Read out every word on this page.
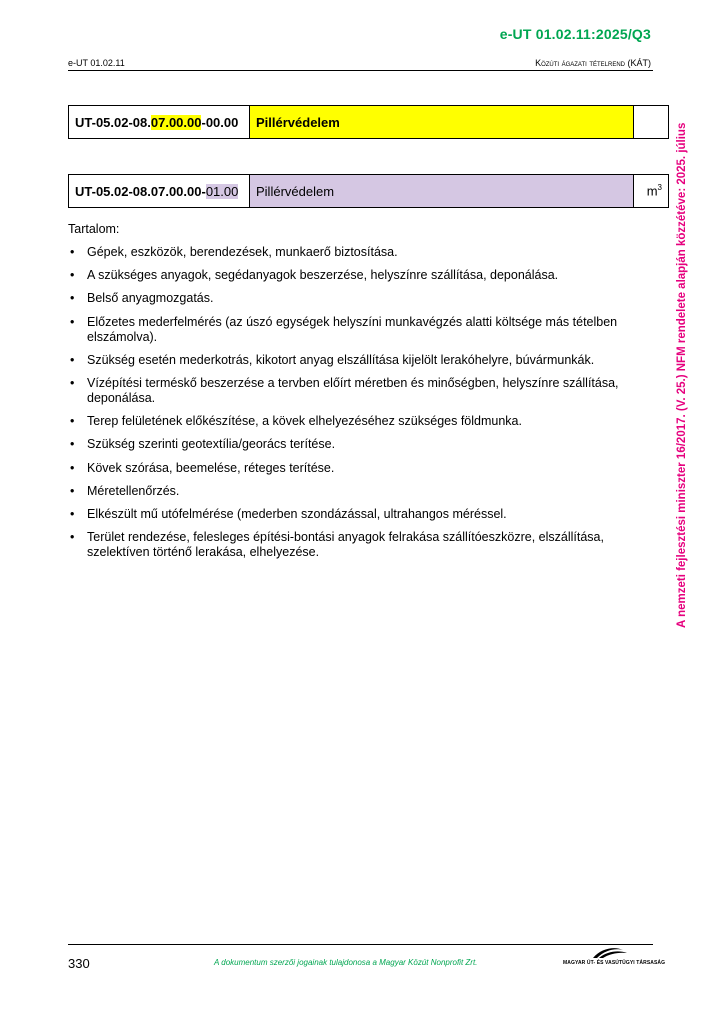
e-UT 01.02.11:2025/Q3
e-UT 01.02.11	Közúti ágazati tételrend (KÁT)
UT-05.02-08.07.00.00-00.00	Pillérvédelem	
UT-05.02-08.07.00.00-01.00	Pillérvédelem	$m^3$
Tartalom:
• Gépek, eszközök, berendezések, munkaerő biztosítása.
• A szükséges anyagok, segédanyagok beszerzése, helyszínre szállítása, deponálása.
• Belső anyagmozgatás.
• Előzetes mederfelmérés (az úszó egységek helyszíni munkavégzés alatti költsége más tételben elszámolva).
• Szükség esetén mederkotrás, kikotort anyag elszállítása kijelölt lerakóhelyre, búvármunkák.
• Vízépítési terméskő beszerzése a tervben előírt méretben és minőségben, helyszínre szállítása, deponálása.
• Terep felületének előkészítése, a kövek elhelyezéséhez szükséges földmunka.
• Szükség szerinti geotextília/georács terítése.
• Kövek szórása, beemelése, réteges terítése.
• Méretellenőrzés.
• Elkészült mű utófelmérése (mederben szondázással, ultrahangos méréssel.
• Terület rendezése, felesleges építési-bontási anyagok felrakása szállítóeszközre, elszállítása, szelektíven történő lerakása, elhelyezése.	A nemzeti fejlesztési miniszter 16/2017. (V. 25.) NFM rendelete alapján közzétéve: 2025. július
330	A dokumentum szerzői jogainak tulajdonosa a Magyar Közút Nonprofit Zrt.	MAGYAR ÚT- ÉS VASÚTÜGYI TÁRSASÁG
